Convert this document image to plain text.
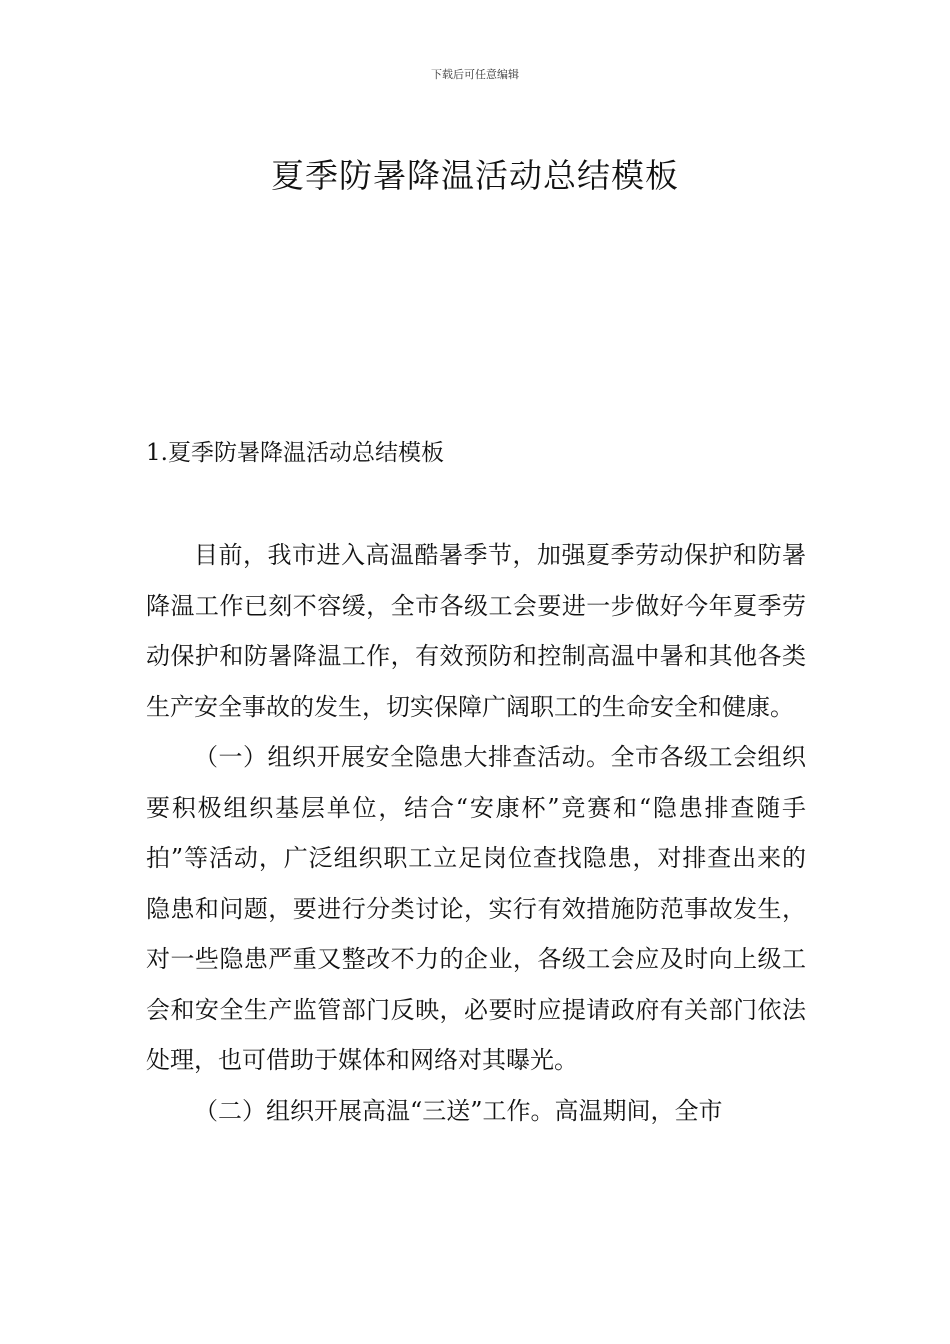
下载后可任意编辑
夏季防暑降温活动总结模板
1.夏季防暑降温活动总结模板

目前，我市进入高温酷暑季节，加强夏季劳动保护和防暑降温工作已刻不容缓，全市各级工会要进一步做好今年夏季劳动保护和防暑降温工作，有效预防和控制高温中暑和其他各类生产安全事故的发生，切实保障广阔职工的生命安全和健康。

（一）组织开展安全隐患大排查活动。全市各级工会组织要积极组织基层单位，结合“安康杯”竞赛和“隐患排查随手拍”等活动，广泛组织职工立足岗位查找隐患，对排查出来的隐患和问题，要进行分类讨论，实行有效措施防范事故发生，对一些隐患严重又整改不力的企业，各级工会应及时向上级工会和安全生产监管部门反映，必要时应提请政府有关部门依法处理，也可借助于媒体和网络对其曝光。

（二）组织开展高温“三送”工作。高温期间，全市
